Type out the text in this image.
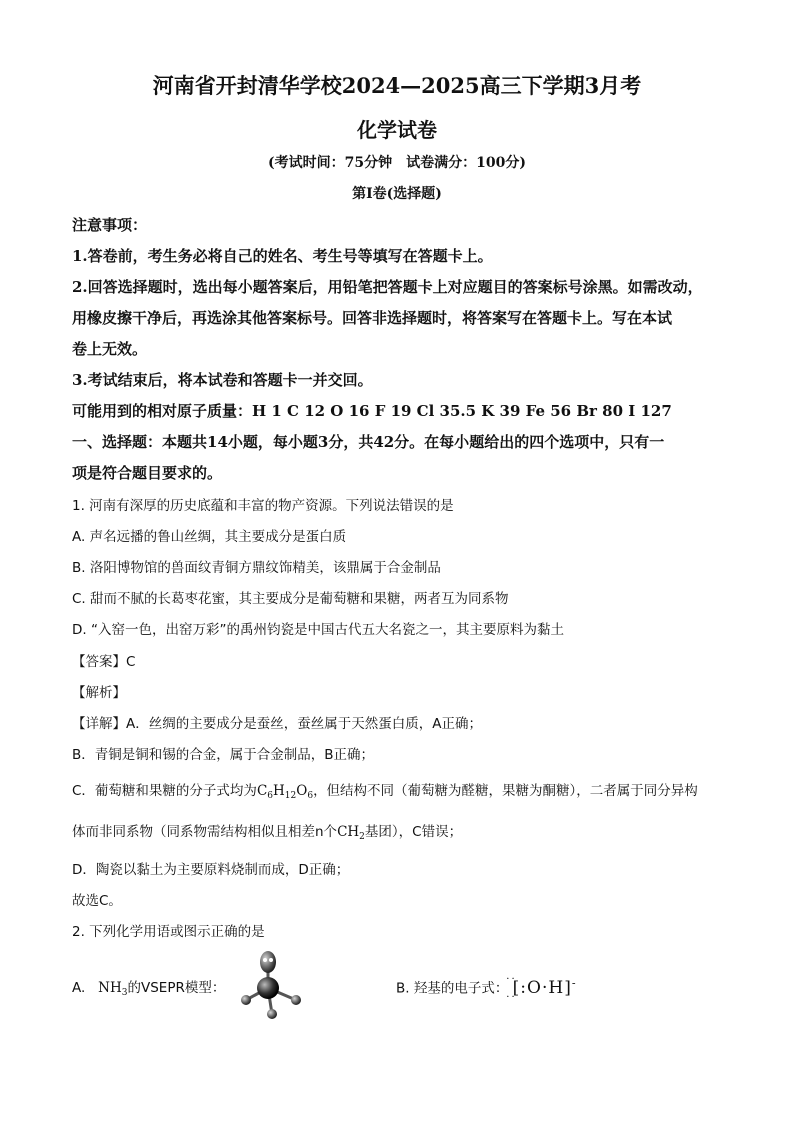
河南省开封清华学校2024—2025高三下学期3月考
化学试卷
(考试时间：75分钟　试卷满分：100分)
第Ⅰ卷(选择题)
注意事项：
1.答卷前，考生务必将自己的姓名、考生号等填写在答题卡上。
2.回答选择题时，选出每小题答案后，用铅笔把答题卡上对应题目的答案标号涂黑。如需改动，
用橡皮擦干净后，再选涂其他答案标号。回答非选择题时，将答案写在答题卡上。写在本试
卷上无效。
3.考试结束后，将本试卷和答题卡一并交回。
可能用到的相对原子质量：H 1 C 12 O 16 F 19 Cl 35.5 K 39 Fe 56 Br 80 I 127
一、选择题：本题共14小题，每小题3分，共42分。在每小题给出的四个选项中，只有一
项是符合题目要求的。
1. 河南有深厚的历史底蕴和丰富的物产资源。下列说法错误的是
A. 声名远播的鲁山丝绸，其主要成分是蛋白质
B. 洛阳博物馆的兽面纹青铜方鼎纹饰精美，该鼎属于合金制品
C. 甜而不腻的长葛枣花蜜，其主要成分是葡萄糖和果糖，两者互为同系物
D. “入窑一色，出窑万彩”的禹州钧瓷是中国古代五大名瓷之一，其主要原料为黏土
【答案】C
【解析】
【详解】A．丝绸的主要成分是蚕丝，蚕丝属于天然蛋白质，A正确；
B．青铜是铜和锡的合金，属于合金制品，B正确；
C．葡萄糖和果糖的分子式均为$C_6H_{12}O_6$，但结构不同（葡萄糖为醛糖，果糖为酮糖），二者属于同分异构
体而非同系物（同系物需结构相似且相差n个$CH_2$基团），C错误；
D．陶瓷以黏土为主要原料烧制而成，D正确；
故选C。
2. 下列化学用语或图示正确的是
A. $NH_3$的VSEPR模型：	B. 羟基的电子式： [:O
··
·· ·H]-
